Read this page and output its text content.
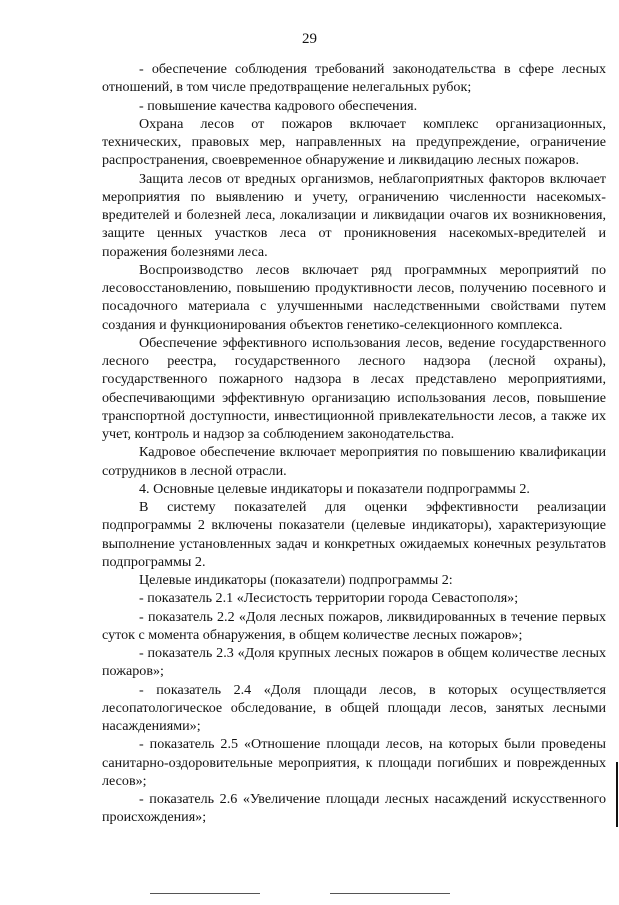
29

- обеспечение соблюдения требований законодательства в сфере лесных отношений, в том числе предотвращение нелегальных рубок;

- повышение качества кадрового обеспечения.

Охрана лесов от пожаров включает комплекс организационных, технических, правовых мер, направленных на предупреждение, ограничение распространения, своевременное обнаружение и ликвидацию лесных пожаров.

Защита лесов от вредных организмов, неблагоприятных факторов включает мероприятия по выявлению и учету, ограничению численности насекомых-вредителей и болезней леса, локализации и ликвидации очагов их возникновения, защите ценных участков леса от проникновения насекомых-вредителей и поражения болезнями леса.

Воспроизводство лесов включает ряд программных мероприятий по лесовосстановлению, повышению продуктивности лесов, получению посевного и посадочного материала с улучшенными наследственными свойствами путем создания и функционирования объектов генетико-селекционного комплекса.

Обеспечение эффективного использования лесов, ведение государственного лесного реестра, государственного лесного надзора (лесной охраны), государственного пожарного надзора в лесах представлено мероприятиями, обеспечивающими эффективную организацию использования лесов, повышение транспортной доступности, инвестиционной привлекательности лесов, а также их учет, контроль и надзор за соблюдением законодательства.

Кадровое обеспечение включает мероприятия по повышению квалификации сотрудников в лесной отрасли.

4. Основные целевые индикаторы и показатели подпрограммы 2.

В систему показателей для оценки эффективности реализации подпрограммы 2 включены показатели (целевые индикаторы), характеризующие выполнение установленных задач и конкретных ожидаемых конечных результатов подпрограммы 2.

Целевые индикаторы (показатели) подпрограммы 2:

- показатель 2.1 «Лесистость территории города Севастополя»;

- показатель 2.2 «Доля лесных пожаров, ликвидированных в течение первых суток с момента обнаружения, в общем количестве лесных пожаров»;

- показатель 2.3 «Доля крупных лесных пожаров в общем количестве лесных пожаров»;

- показатель 2.4 «Доля площади лесов, в которых осуществляется лесопатологическое обследование, в общей площади лесов, занятых лесными насаждениями»;

- показатель 2.5 «Отношение площади лесов, на которых были проведены санитарно-оздоровительные мероприятия, к площади погибших и поврежденных лесов»;

- показатель 2.6 «Увеличение площади лесных насаждений искусственного происхождения»;
